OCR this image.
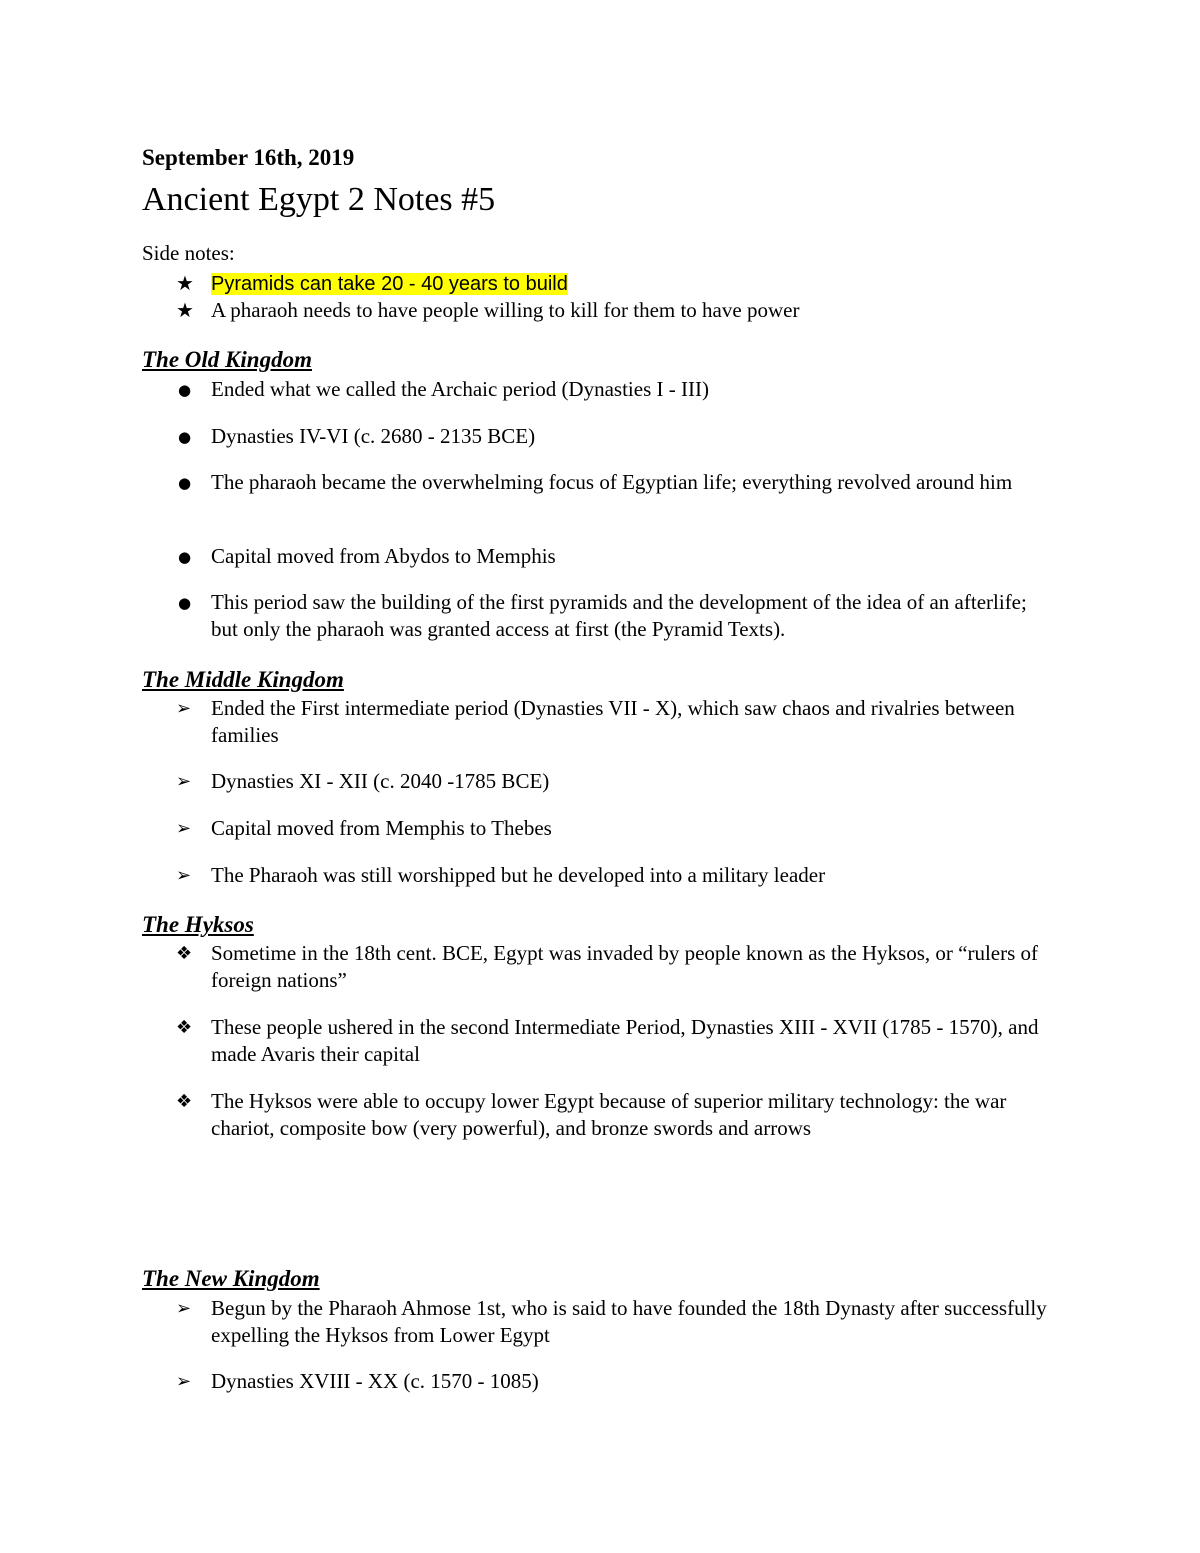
September 16th, 2019
Ancient Egypt 2 Notes #5
Side notes:
★ Pyramids can take 20 - 40 years to build
★ A pharaoh needs to have people willing to kill for them to have power
The Old Kingdom
● Ended what we called the Archaic period (Dynasties I - III)
● Dynasties IV-VI (c. 2680 - 2135 BCE)
● The pharaoh became the overwhelming focus of Egyptian life; everything revolved around him
● Capital moved from Abydos to Memphis
● This period saw the building of the first pyramids and the development of the idea of an afterlife; but only the pharaoh was granted access at first (the Pyramid Texts).
The Middle Kingdom
➢ Ended the First intermediate period (Dynasties VII - X), which saw chaos and rivalries between families
➢ Dynasties XI - XII (c. 2040 -1785 BCE)
➢ Capital moved from Memphis to Thebes
➢ The Pharaoh was still worshipped but he developed into a military leader
The Hyksos
❖ Sometime in the 18th cent. BCE, Egypt was invaded by people known as the Hyksos, or “rulers of foreign nations”
❖ These people ushered in the second Intermediate Period, Dynasties XIII - XVII (1785 - 1570), and made Avaris their capital
❖ The Hyksos were able to occupy lower Egypt because of superior military technology: the war chariot, composite bow (very powerful), and bronze swords and arrows
The New Kingdom
➢ Begun by the Pharaoh Ahmose 1st, who is said to have founded the 18th Dynasty after successfully expelling the Hyksos from Lower Egypt
➢ Dynasties XVIII - XX (c. 1570 - 1085)
